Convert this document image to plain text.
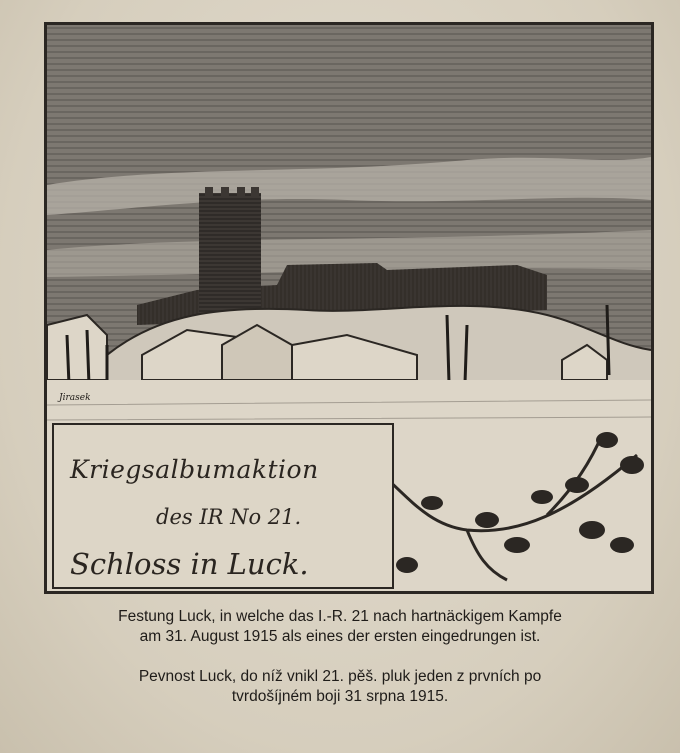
Jirasek
Kriegsalbumaktion
des IR No 21.
Schloss in Luck.
Festung Luck, in welche das I.-R. 21 nach hartnäckigem Kampfe
am 31. August 1915 als eines der ersten eingedrungen ist.
Pevnost Luck, do níž vnikl 21. pěš. pluk jeden z prvních po
tvrdošíjném boji 31 srpna 1915.
